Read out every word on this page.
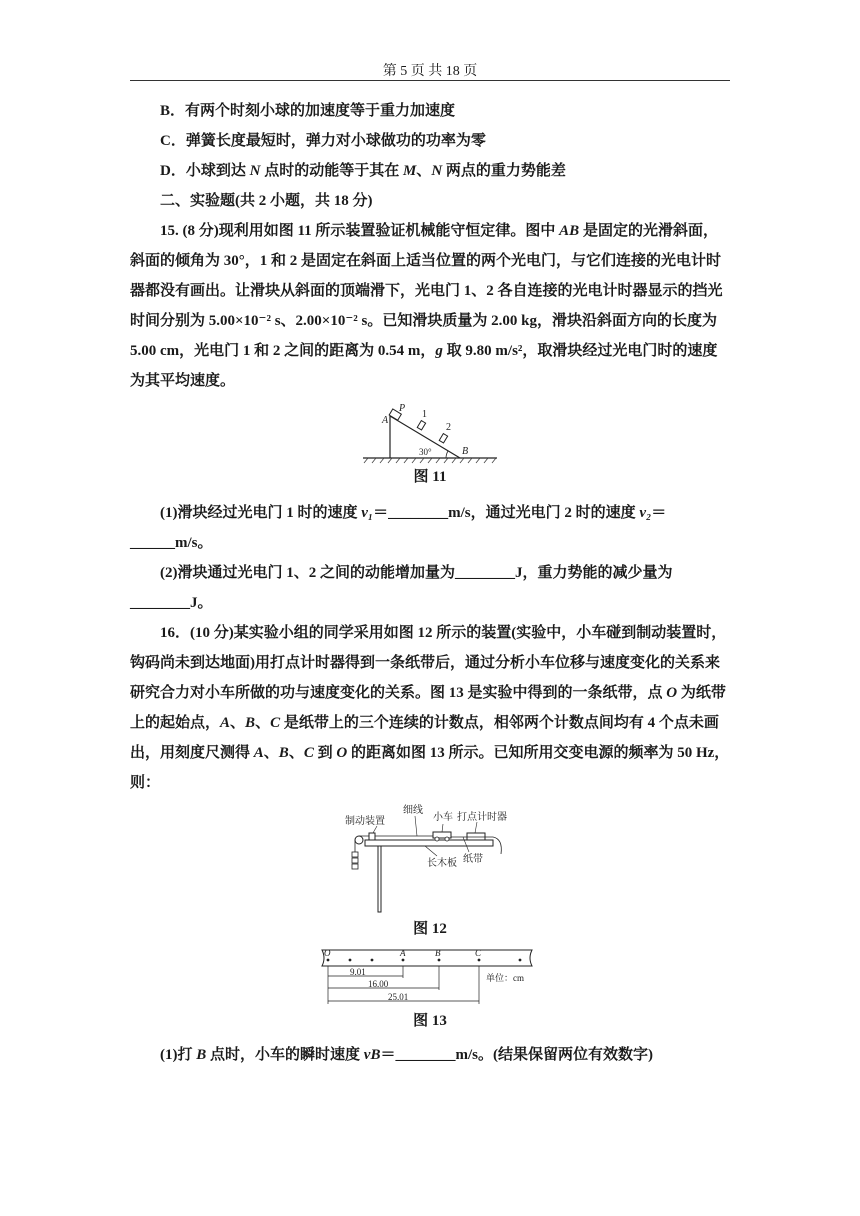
第 5 页 共 18 页

B．有两个时刻小球的加速度等于重力加速度

C．弹簧长度最短时，弹力对小球做功的功率为零

D．小球到达 N 点时的动能等于其在 M、N 两点的重力势能差

二、实验题(共 2 小题，共 18 分)

15. (8 分)现利用如图 11 所示装置验证机械能守恒定律。图中 AB 是固定的光滑斜面，斜面的倾角为 30°，1 和 2 是固定在斜面上适当位置的两个光电门，与它们连接的光电计时器都没有画出。让滑块从斜面的顶端滑下，光电门 1、2 各自连接的光电计时器显示的挡光时间分别为 5.00×10⁻² s、2.00×10⁻² s。已知滑块质量为 2.00 kg，滑块沿斜面方向的长度为 5.00 cm，光电门 1 和 2 之间的距离为 0.54 m，g 取 9.80 m/s²，取滑块经过光电门时的速度为其平均速度。

A
P
1
2
B
30°
图 11

(1)滑块经过光电门 1 时的速度 v₁＝________m/s，通过光电门 2 时的速度 v₂＝

______m/s。

(2)滑块通过光电门 1、2 之间的动能增加量为________J，重力势能的减少量为

________J。

16．(10 分)某实验小组的同学采用如图 12 所示的装置(实验中，小车碰到制动装置时，钩码尚未到达地面)用打点计时器得到一条纸带后，通过分析小车位移与速度变化的关系来研究合力对小车所做的功与速度变化的关系。图 13 是实验中得到的一条纸带，点 O 为纸带上的起始点，A、B、C 是纸带上的三个连续的计数点，相邻两个计数点间均有 4 个点未画出，用刻度尺测得 A、B、C 到 O 的距离如图 13 所示。已知所用交变电源的频率为 50 Hz，则：

制动装置
细线
小车 打点计时器
长木板 纸带
图 12
O	A	B	C
9.01
16.00
25.01
单位：cm
图 13

(1)打 B 点时，小车的瞬时速度 vB＝________m/s。(结果保留两位有效数字)
